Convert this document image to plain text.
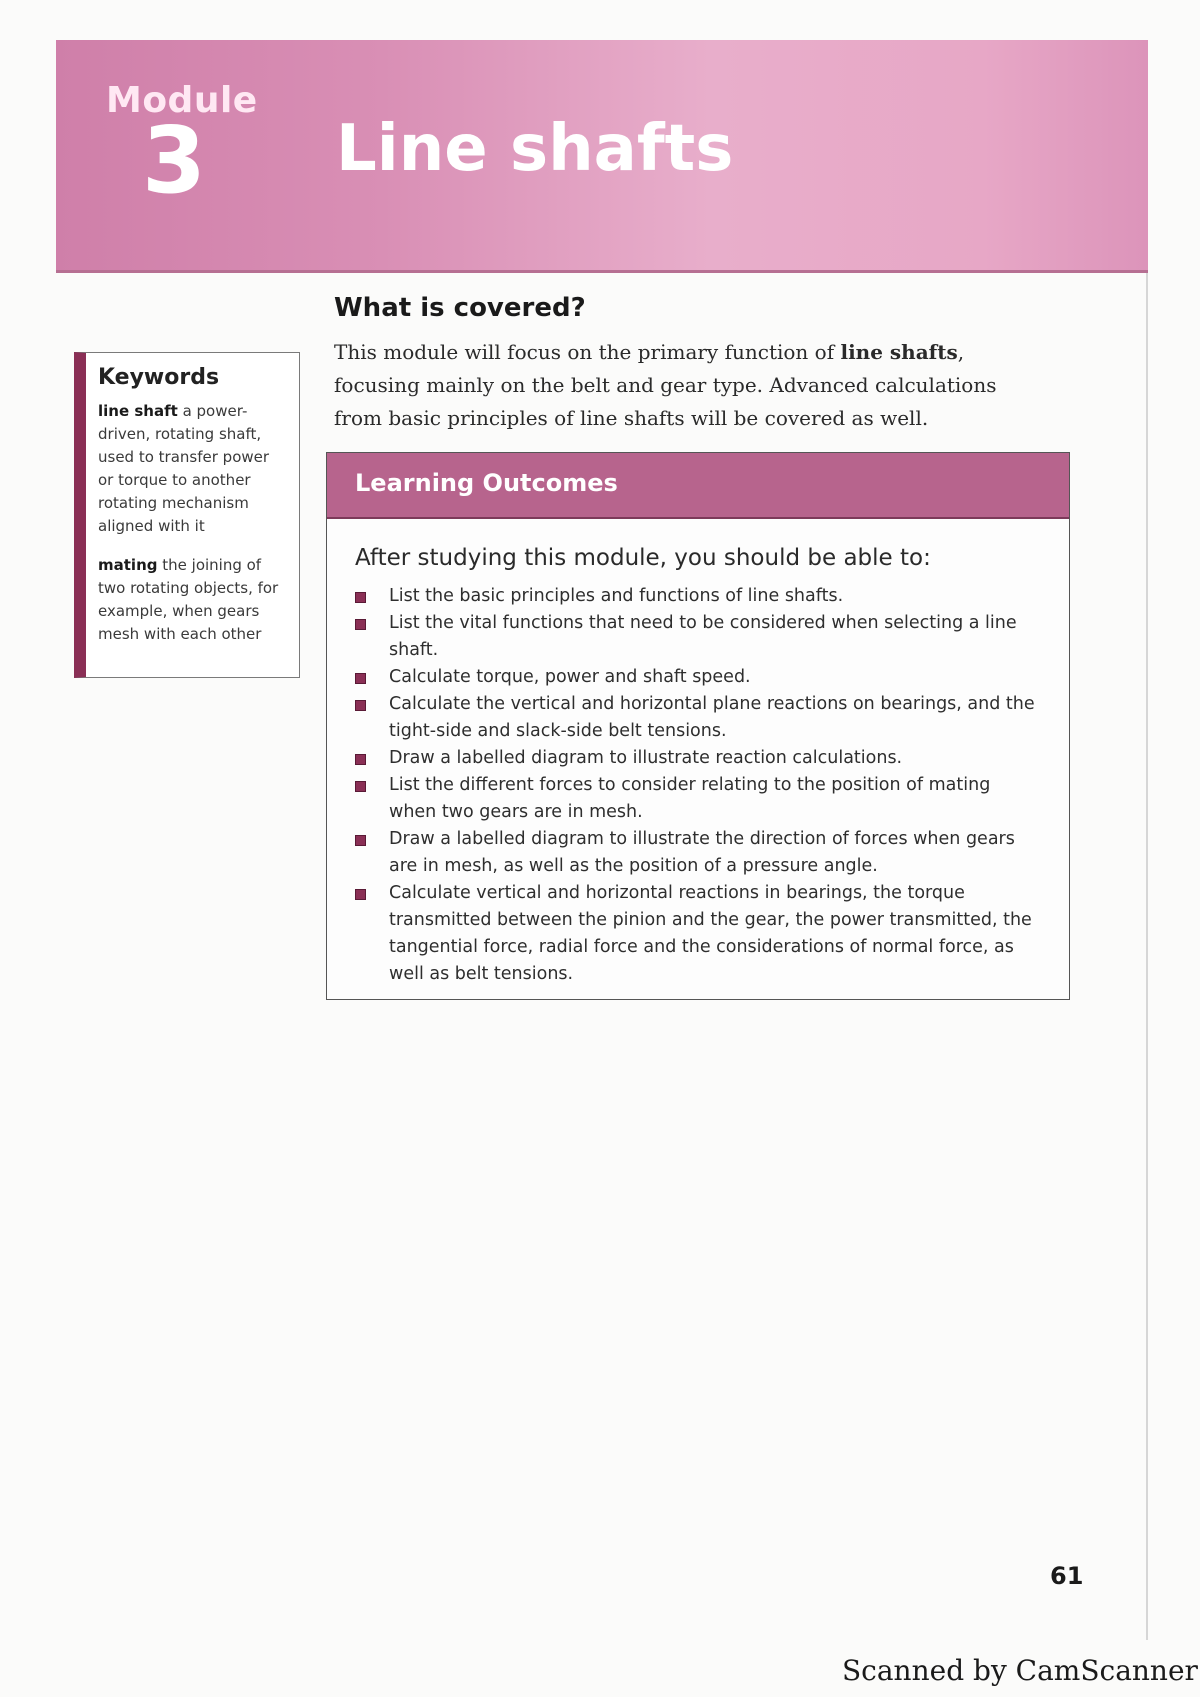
Module
3 Line shafts
Keywords
line shaft a power-driven, rotating shaft, used to transfer power or torque to another rotating mechanism aligned with it
mating the joining of two rotating objects, for example, when gears mesh with each other
What is covered?
This module will focus on the primary function of line shafts, focusing mainly on the belt and gear type. Advanced calculations from basic principles of line shafts will be covered as well.
Learning Outcomes
After studying this module, you should be able to:
List the basic principles and functions of line shafts.
List the vital functions that need to be considered when selecting a line shaft.
Calculate torque, power and shaft speed.
Calculate the vertical and horizontal plane reactions on bearings, and the tight-side and slack-side belt tensions.
Draw a labelled diagram to illustrate reaction calculations.
List the different forces to consider relating to the position of mating when two gears are in mesh.
Draw a labelled diagram to illustrate the direction of forces when gears are in mesh, as well as the position of a pressure angle.
Calculate vertical and horizontal reactions in bearings, the torque transmitted between the pinion and the gear, the power transmitted, the tangential force, radial force and the considerations of normal force, as well as belt tensions.
61
Scanned by CamScanner
